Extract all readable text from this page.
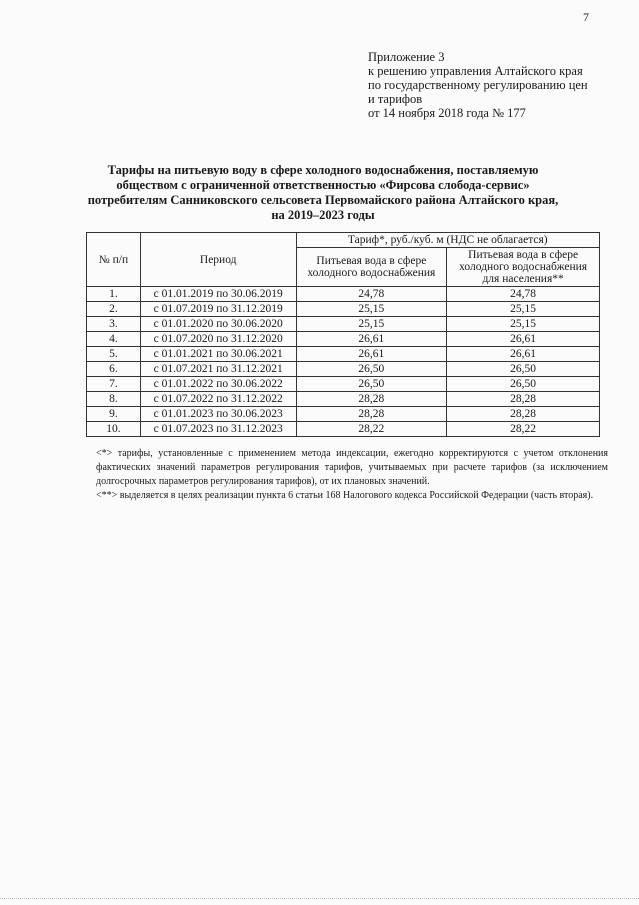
7
Приложение 3
к решению управления Алтайского края
по государственному регулированию цен
и тарифов
от 14 ноября 2018 года № 177
Тарифы на питьевую воду в сфере холодного водоснабжения, поставляемую
обществом с ограниченной ответственностью «Фирсова слобода-сервис»
потребителям Санниковского сельсовета Первомайского района Алтайского края,
на 2019–2023 годы
№ п/п	Период	Тариф*, руб./куб. м (НДС не облагается)	
		Питьевая вода в сфере холодного водоснабжения	Питьевая вода в сфере холодного водоснабжения для населения**
1.	с 01.01.2019 по 30.06.2019	24,78	24,78
2.	с 01.07.2019 по 31.12.2019	25,15	25,15
3.	с 01.01.2020 по 30.06.2020	25,15	25,15
4.	с 01.07.2020 по 31.12.2020	26,61	26,61
5.	с 01.01.2021 по 30.06.2021	26,61	26,61
6.	с 01.07.2021 по 31.12.2021	26,50	26,50
7.	с 01.01.2022 по 30.06.2022	26,50	26,50
8.	с 01.07.2022 по 31.12.2022	28,28	28,28
9.	с 01.01.2023 по 30.06.2023	28,28	28,28
10.	с 01.07.2023 по 31.12.2023	28,22	28,22

<*> тарифы, установленные с применением метода индексации, ежегодно корректируются с учетом отклонения фактических значений параметров регулирования тарифов, учитываемых при расчете тарифов (за исключением долгосрочных параметров регулирования тарифов), от их плановых значений.

<**> выделяется в целях реализации пункта 6 статьи 168 Налогового кодекса Российской Федерации (часть вторая).
